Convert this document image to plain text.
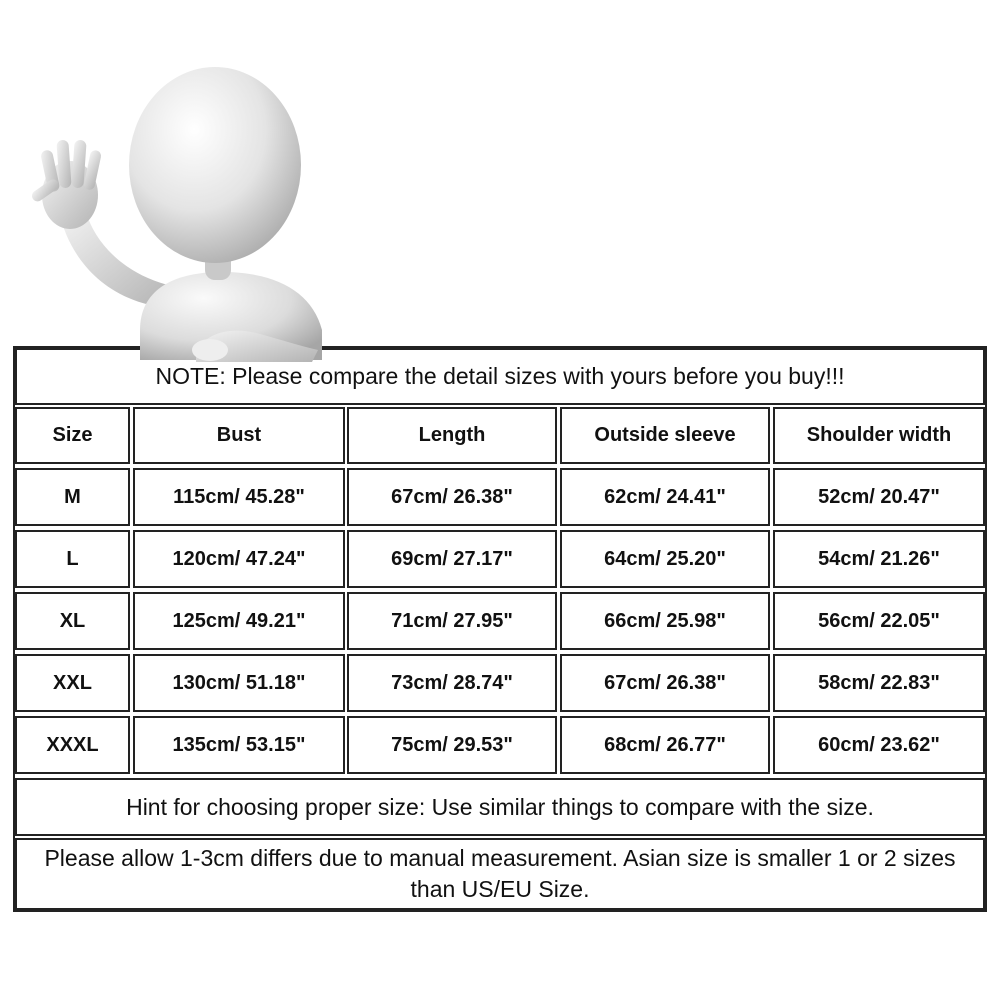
NOTE: Please compare the detail sizes with yours before you buy!!!
Size	Bust	Length	Outside sleeve	Shoulder width
M	115cm/ 45.28"	67cm/ 26.38"	62cm/ 24.41"	52cm/ 20.47"
L	120cm/ 47.24"	69cm/ 27.17"	64cm/ 25.20"	54cm/ 21.26"
XL	125cm/ 49.21"	71cm/ 27.95"	66cm/ 25.98"	56cm/ 22.05"
XXL	130cm/ 51.18"	73cm/ 28.74"	67cm/ 26.38"	58cm/ 22.83"
XXXL	135cm/ 53.15"	75cm/ 29.53"	68cm/ 26.77"	60cm/ 23.62"
Hint for choosing proper size: Use similar things to compare with the size.
Please allow 1-3cm differs due to manual measurement. Asian size is smaller 1 or 2 sizes than US/EU Size.
